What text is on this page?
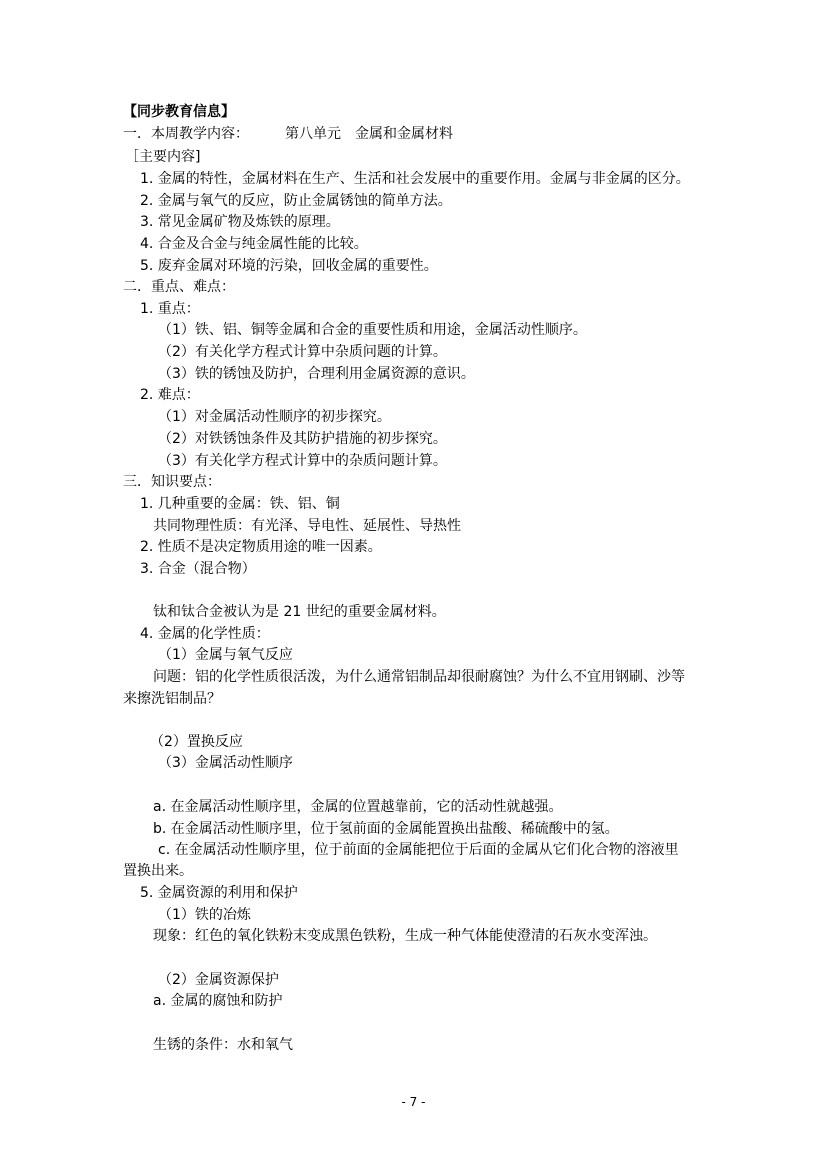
【同步教育信息】
一．本周教学内容：	第八单元　金属和金属材料
［主要内容]
1. 金属的特性，金属材料在生产、生活和社会发展中的重要作用。金属与非金属的区分。
2. 金属与氧气的反应，防止金属锈蚀的简单方法。
3. 常见金属矿物及炼铁的原理。
4. 合金及合金与纯金属性能的比较。
5. 废弃金属对环境的污染，回收金属的重要性。
二．重点、难点：
1. 重点：
（1）铁、铝、铜等金属和合金的重要性质和用途，金属活动性顺序。
（2）有关化学方程式计算中杂质问题的计算。
（3）铁的锈蚀及防护，合理利用金属资源的意识。
2. 难点：
（1）对金属活动性顺序的初步探究。
（2）对铁锈蚀条件及其防护措施的初步探究。
（3）有关化学方程式计算中的杂质问题计算。
三．知识要点：
1. 几种重要的金属：铁、铝、铜
共同物理性质：有光泽、导电性、延展性、导热性
2. 性质不是决定物质用途的唯一因素。
3. 合金（混合物）
钛和钛合金被认为是 21 世纪的重要金属材料。
4. 金属的化学性质：
（1）金属与氧气反应
问题：铝的化学性质很活泼，为什么通常铝制品却很耐腐蚀？为什么不宜用钢刷、沙等
来擦洗铝制品？
（2）置换反应
（3）金属活动性顺序
a. 在金属活动性顺序里，金属的位置越靠前，它的活动性就越强。
b. 在金属活动性顺序里，位于氢前面的金属能置换出盐酸、稀硫酸中的氢。
c. 在金属活动性顺序里，位于前面的金属能把位于后面的金属从它们化合物的溶液里
置换出来。
5. 金属资源的利用和保护
（1）铁的冶炼
现象：红色的氧化铁粉末变成黑色铁粉，生成一种气体能使澄清的石灰水变浑浊。
（2）金属资源保护
a. 金属的腐蚀和防护
生锈的条件：水和氧气
- 7 -
